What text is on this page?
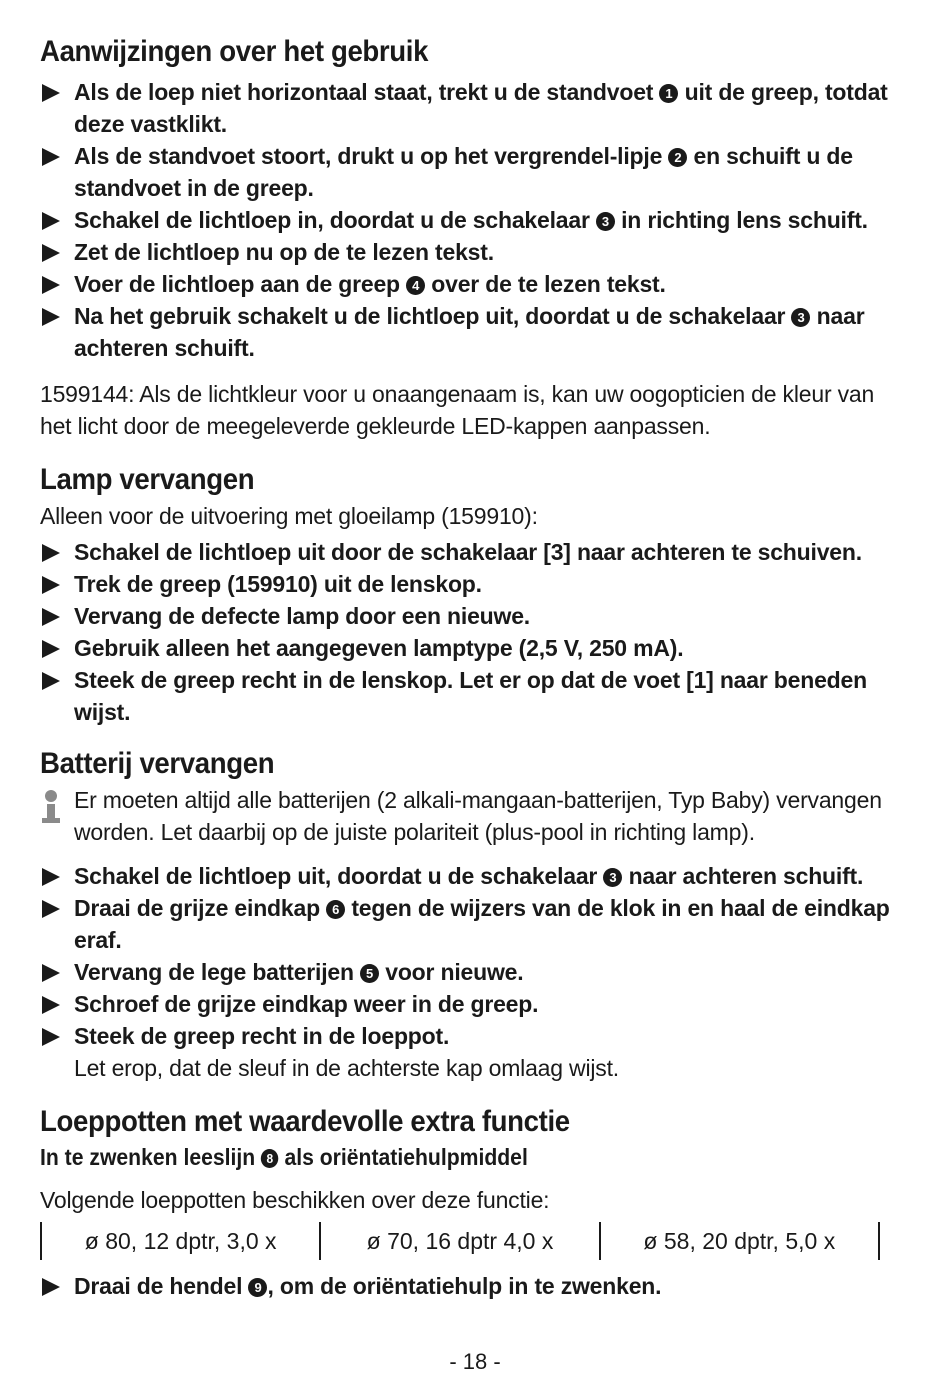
Aanwijzingen over het gebruik
Als de loep niet horizontaal staat, trekt u de standvoet 1 uit de greep, totdat deze vastklikt.
Als de standvoet stoort, drukt u op het vergrendel-lipje 2 en schuift u de standvoet in de greep.
Schakel de lichtloep in, doordat u de schakelaar 3 in richting lens schuift.
Zet de lichtloep nu op de te lezen tekst.
Voer de lichtloep aan de greep 4 over de te lezen tekst.
Na het gebruik schakelt u de lichtloep uit, doordat u de schakelaar 3 naar achteren schuift.

1599144: Als de lichtkleur voor u onaangenaam is, kan uw oogopticien de kleur van het licht door de meegeleverde gekleurde LED-kappen aanpassen.

Lamp vervangen

Alleen voor de uitvoering met gloeilamp (159910):

Schakel de lichtloep uit door de schakelaar [3] naar achteren te schuiven.
Trek de greep (159910) uit de lenskop.
Vervang de defecte lamp door een nieuwe.
Gebruik alleen het aangegeven lamptype (2,5 V, 250 mA).
Steek de greep recht in de lenskop. Let er op dat de voet [1] naar beneden wijst.
Batterij vervangen

Er moeten altijd alle batterijen (2 alkali-mangaan-batterijen, Typ Baby) vervangen worden. Let daarbij op de juiste polariteit (plus-pool in richting lamp).

Schakel de lichtloep uit, doordat u de schakelaar 3 naar achteren schuift.
Draai de grijze eindkap 6 tegen de wijzers van de klok in en haal de eindkap eraf.
Vervang de lege batterijen 5 voor nieuwe.
Schroef de grijze eindkap weer in de greep.
Steek de greep recht in de loeppot.
Let erop, dat de sleuf in de achterste kap omlaag wijst.
Loeppotten met waardevolle extra functie
In te zwenken leeslijn 8 als oriëntatiehulpmiddel

Volgende loeppotten beschikken over deze functie:

ø 80, 12 dptr, 3,0 x	ø 70, 16 dptr 4,0 x	ø 58, 20 dptr, 5,0 x
Draai de hendel 9 , om de oriëntatiehulp in te zwenken.
- 18 -
